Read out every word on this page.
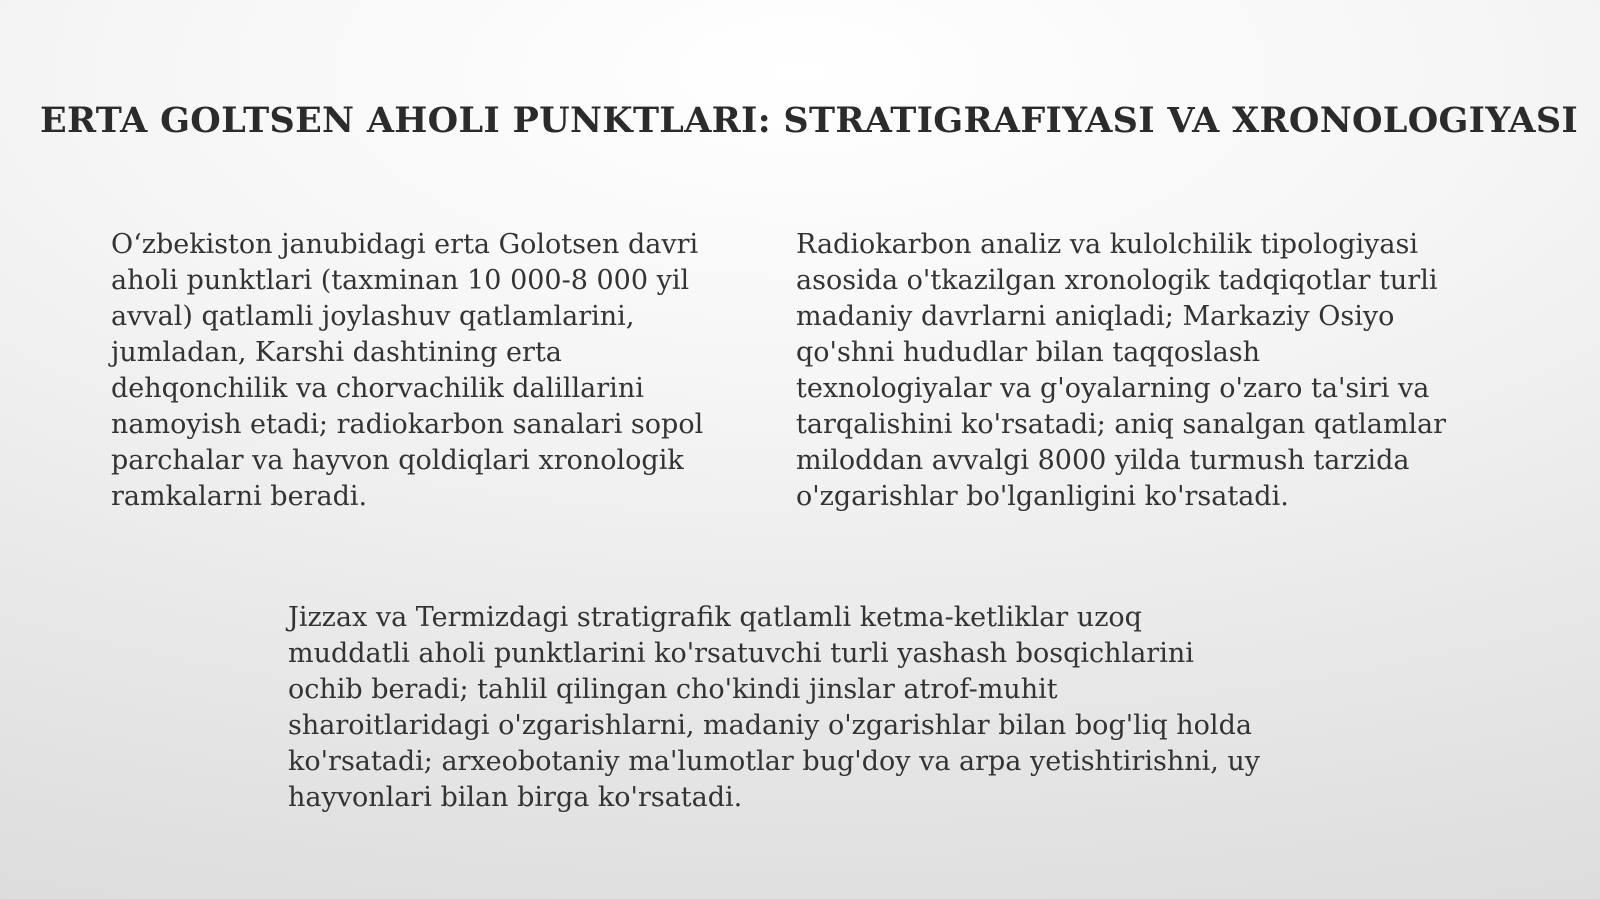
ERTA GOLTSEN AHOLI PUNKTLARI: STRATIGRAFIYASI VA XRONOLOGIYASI
O‘zbekiston janubidagi erta Golotsen davri
aholi punktlari (taxminan 10 000-8 000 yil
avval) qatlamli joylashuv qatlamlarini,
jumladan, Karshi dashtining erta
dehqonchilik va chorvachilik dalillarini
namoyish etadi; radiokarbon sanalari sopol
parchalar va hayvon qoldiqlari xronologik
ramkalarni beradi.
Radiokarbon analiz va kulolchilik tipologiyasi
asosida o'tkazilgan xronologik tadqiqotlar turli
madaniy davrlarni aniqladi; Markaziy Osiyo
qo'shni hududlar bilan taqqoslash
texnologiyalar va g'oyalarning o'zaro ta'siri va
tarqalishini ko'rsatadi; aniq sanalgan qatlamlar
miloddan avvalgi 8000 yilda turmush tarzida
o'zgarishlar bo'lganligini ko'rsatadi.
Jizzax va Termizdagi stratigrafik qatlamli ketma-ketliklar uzoq
muddatli aholi punktlarini ko'rsatuvchi turli yashash bosqichlarini
ochib beradi; tahlil qilingan cho'kindi jinslar atrof-muhit
sharoitlaridagi o'zgarishlarni, madaniy o'zgarishlar bilan bog'liq holda
ko'rsatadi; arxeobotaniy ma'lumotlar bug'doy va arpa yetishtirishni, uy
hayvonlari bilan birga ko'rsatadi.
